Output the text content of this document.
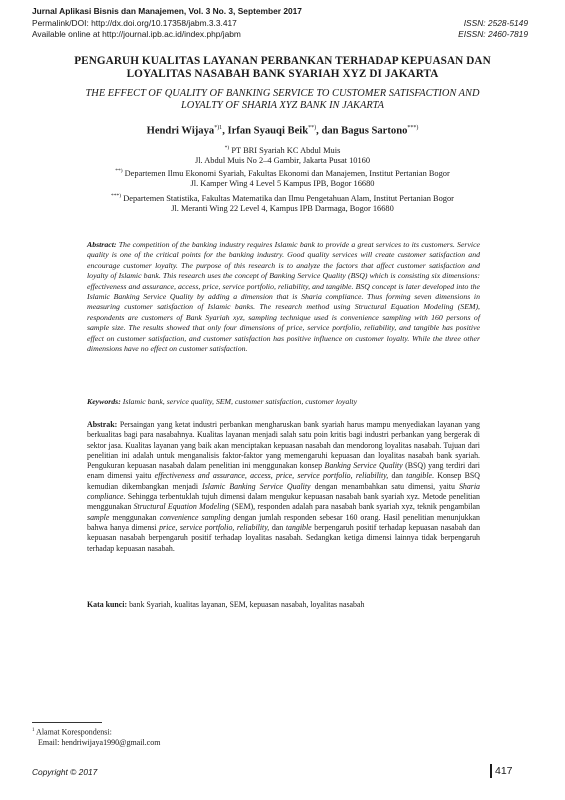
Jurnal Aplikasi Bisnis dan Manajemen, Vol. 3 No. 3, September 2017
Permalink/DOI: http://dx.doi.org/10.17358/jabm.3.3.417
Available online at http://journal.ipb.ac.id/index.php/jabm
ISSN: 2528-5149
EISSN: 2460-7819
PENGARUH KUALITAS LAYANAN PERBANKAN TERHADAP KEPUASAN DAN
LOYALITAS NASABAH BANK SYARIAH XYZ DI JAKARTA
THE EFFECT OF QUALITY OF BANKING SERVICE TO CUSTOMER SATISFACTION AND
LOYALTY OF SHARIA XYZ BANK IN JAKARTA
Hendri Wijaya$^{*)1}$, Irfan Syauqi Beik**), dan Bagus Sartono***)
*) PT BRI Syariah KC Abdul Muis
Jl. Abdul Muis No 2–4 Gambir, Jakarta Pusat 10160
**) Departemen Ilmu Ekonomi Syariah, Fakultas Ekonomi dan Manajemen, Institut Pertanian Bogor
Jl. Kamper Wing 4 Level 5 Kampus IPB, Bogor 16680
***) Departemen Statistika, Fakultas Matematika dan Ilmu Pengetahuan Alam, Institut Pertanian Bogor
Jl. Meranti Wing 22 Level 4, Kampus IPB Darmaga, Bogor 16680
Abstract: The competition of the banking industry requires Islamic bank to provide a great services to its customers. Service quality is one of the critical points for the banking industry. Good quality services will create customer satisfaction and encourage customer loyalty. The purpose of this research is to analyze the factors that affect customer satisfaction and loyalty of Islamic bank. This research uses the concept of Banking Service Quality (BSQ) which is consisting six dimensions: effectiveness and assurance, access, price, service portfolio, reliability, and tangible. BSQ concept is later developed into the Islamic Banking Service Quality by adding a dimension that is Sharia compliance. Thus forming seven dimensions in measuring customer satisfaction of Islamic banks. The research method using Structural Equation Modeling (SEM), respondents are customers of Bank Syariah xyz, sampling technique used is convenience sampling with 160 persons of sample size. The results showed that only four dimensions of price, service portfolio, reliability, and tangible has positive effect on customer satisfaction, and customer satisfaction has positive influence on customer loyalty. While the three other dimensions have no effect on customer satisfaction.
Keywords: Islamic bank, service quality, SEM, customer satisfaction, customer loyalty
Abstrak: Persaingan yang ketat industri perbankan mengharuskan bank syariah harus mampu menyediakan layanan yang berkualitas bagi para nasabahnya. Kualitas layanan menjadi salah satu poin kritis bagi industri perbankan yang bergerak di sektor jasa. Kualitas layanan yang baik akan menciptakan kepuasan nasabah dan mendorong loyalitas nasabah. Tujuan dari penelitian ini adalah untuk menganalisis faktor-faktor yang memengaruhi kepuasan dan loyalitas nasabah bank syariah. Pengukuran kepuasan nasabah dalam penelitian ini menggunakan konsep Banking Service Quality (BSQ) yang terdiri dari enam dimensi yaitu effectiveness and assurance, access, price, service portfolio, reliability, dan tangible. Konsep BSQ kemudian dikembangkan menjadi Islamic Banking Service Quality dengan menambahkan satu dimensi, yaitu Sharia compliance. Sehingga terbentuklah tujuh dimensi dalam mengukur kepuasan nasabah bank syariah xyz. Metode penelitian menggunakan Structural Equation Modeling (SEM), responden adalah para nasabah bank syariah xyz, teknik pengambilan sample menggunakan convenience sampling dengan jumlah responden sebesar 160 orang. Hasil penelitian menunjukkan bahwa hanya dimensi price, service portfolio, reliability, dan tangible berpengaruh positif terhadap kepuasan nasabah dan kepuasan nasabah berpengaruh positif terhadap loyalitas nasabah. Sedangkan ketiga dimensi lainnya tidak berpengaruh terhadap kepuasan nasabah.
Kata kunci: bank Syariah, kualitas layanan, SEM, kepuasan nasabah, loyalitas nasabah
$^1$ Alamat Korespondensi:
Email: hendriwijaya1990@gmail.com
Copyright © 2017	417
